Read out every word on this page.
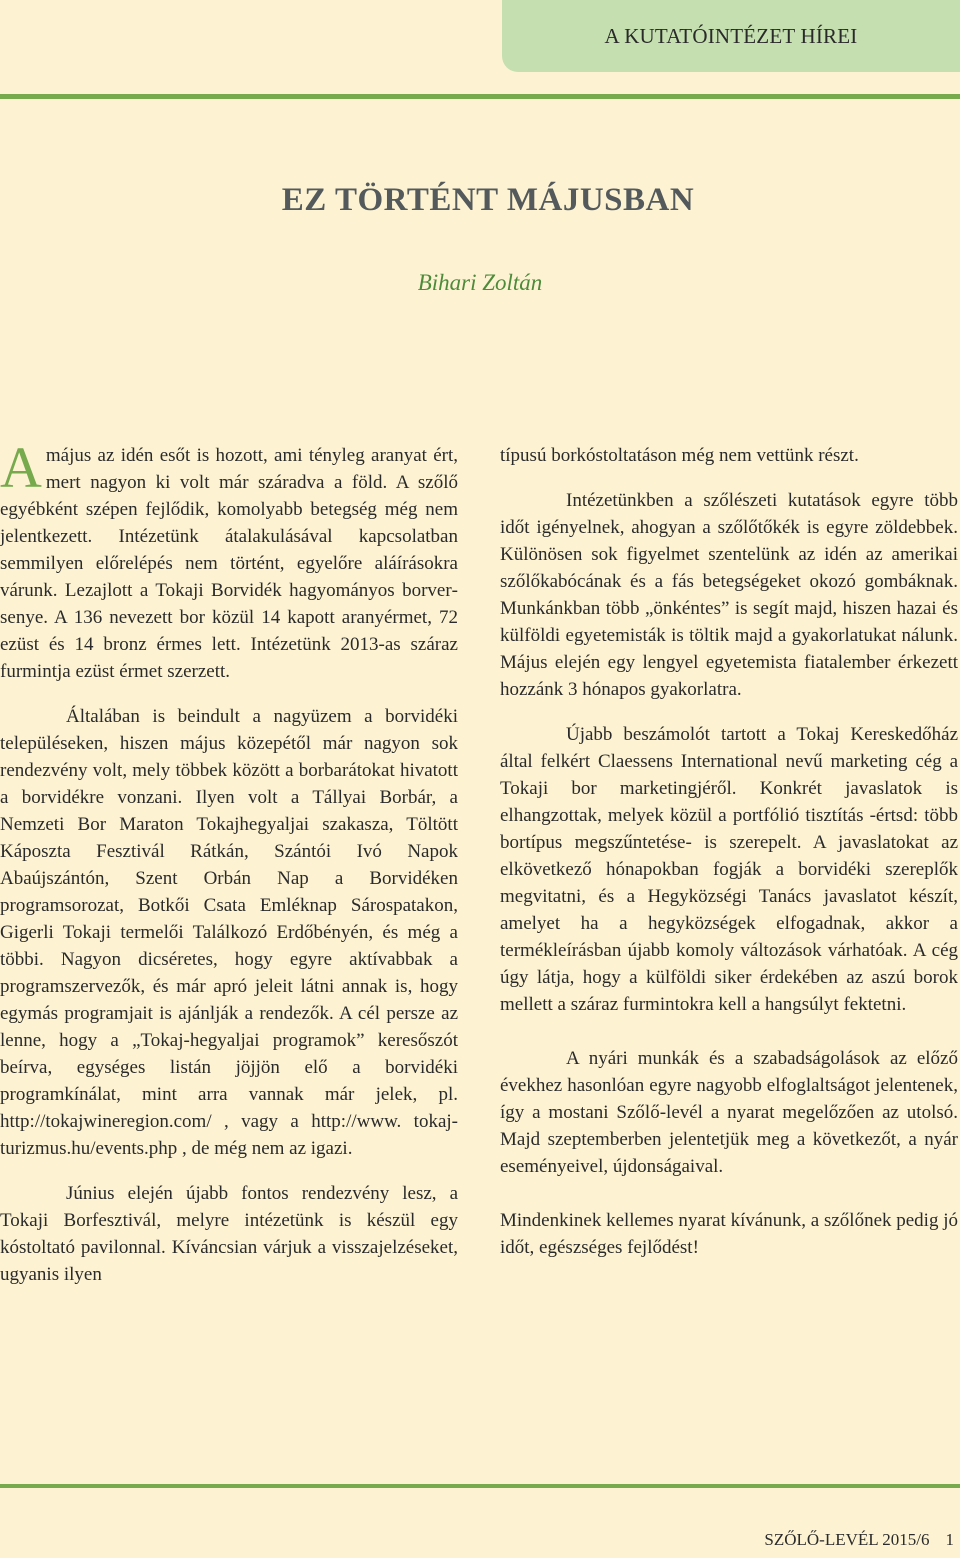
A KUTATÓINTÉZET HÍREI
EZ TÖRTÉNT MÁJUSBAN
Bihari Zoltán

A május az idén esőt is hozott, ami tényleg aranyat ért, mert nagyon ki volt már száradva a föld. A szőlő egyébként szépen fejlődik, komolyabb betegség még nem jelentkezett. Intézetünk átalakulásával kapcsolatban semmilyen előrelépés nem történt, egyelőre aláírásokra várunk. Lezajlott a Tokaji Borvidék hagyományos borversenye. A 136 nevezett bor közül 14 kapott aranyérmet, 72 ezüst és 14 bronz érmes lett. Intézetünk 2013-as száraz furmintja ezüst érmet szerzett.

Általában is beindult a nagyüzem a borvidéki településeken, hiszen május közepétől már nagyon sok rendezvény volt, mely többek között a borbarátokat hivatott a borvidékre vonzani. Ilyen volt a Tállyai Borbár, a Nemzeti Bor Maraton Tokajhegyaljai szakasza, Töltött Káposzta Fesztivál Rátkán, Szántói Ivó Napok Abaújszántón, Szent Orbán Nap a Borvidéken programsorozat, Botkői Csata Emléknap Sárospatakon, Gigerli Tokaji termelői Találkozó Erdőbényén, és még a többi. Nagyon dicséretes, hogy egyre aktívabbak a programszervezők, és már apró jeleit látni annak is, hogy egymás programjait is ajánlják a rendezők. A cél persze az lenne, hogy a „Tokaj-hegyaljai programok” keresőszót beírva, egységes listán jöjjön elő a borvidéki programkínálat, mint arra vannak már jelek, pl. http://tokajwineregion.com/ , vagy a http://www. tokaj-turizmus.hu/events.php , de még nem az igazi.

Június elején újabb fontos rendezvény lesz, a Tokaji Borfesztivál, melyre intézetünk is készül egy kóstoltató pavilonnal. Kíváncsian várjuk a visszajelzéseket, ugyanis ilyen

típusú borkóstoltatáson még nem vettünk részt.

Intézetünkben a szőlészeti kutatások egyre több időt igényelnek, ahogyan a szőlőtőkék is egyre zöldebbek. Különösen sok figyelmet szentelünk az idén az amerikai szőlőkabócának és a fás betegségeket okozó gombáknak. Munkánkban több „önkéntes” is segít majd, hiszen hazai és külföldi egyetemisták is töltik majd a gyakorlatukat nálunk. Május elején egy lengyel egyetemista fiatalember érkezett hozzánk 3 hónapos gyakorlatra.

Újabb beszámolót tartott a Tokaj Kereskedőház által felkért Claessens International nevű marketing cég a Tokaji bor marketingjéről. Konkrét javaslatok is elhangzottak, melyek közül a portfólió tisztítás -értsd: több bortípus megszűntetése- is szerepelt. A javaslatokat az elkövetkező hónapokban fogják a borvidéki szereplők megvitatni, és a Hegyközségi Tanács javaslatot készít, amelyet ha a hegyközségek elfogadnak, akkor a termékleírásban újabb komoly változások várhatóak. A cég úgy látja, hogy a külföldi siker érdekében az aszú borok mellett a száraz furmintokra kell a hangsúlyt fektetni.

A nyári munkák és a szabadságolások az előző évekhez hasonlóan egyre nagyobb elfoglaltságot jelentenek, így a mostani Szőlő-levél a nyarat megelőzően az utolsó. Majd szeptemberben jelentetjük meg a következőt, a nyár eseményeivel, újdonságaival.

Mindenkinek kellemes nyarat kívánunk, a szőlőnek pedig jó időt, egészséges fejlődést!

SZŐLŐ-LEVÉL 2015/6 1
